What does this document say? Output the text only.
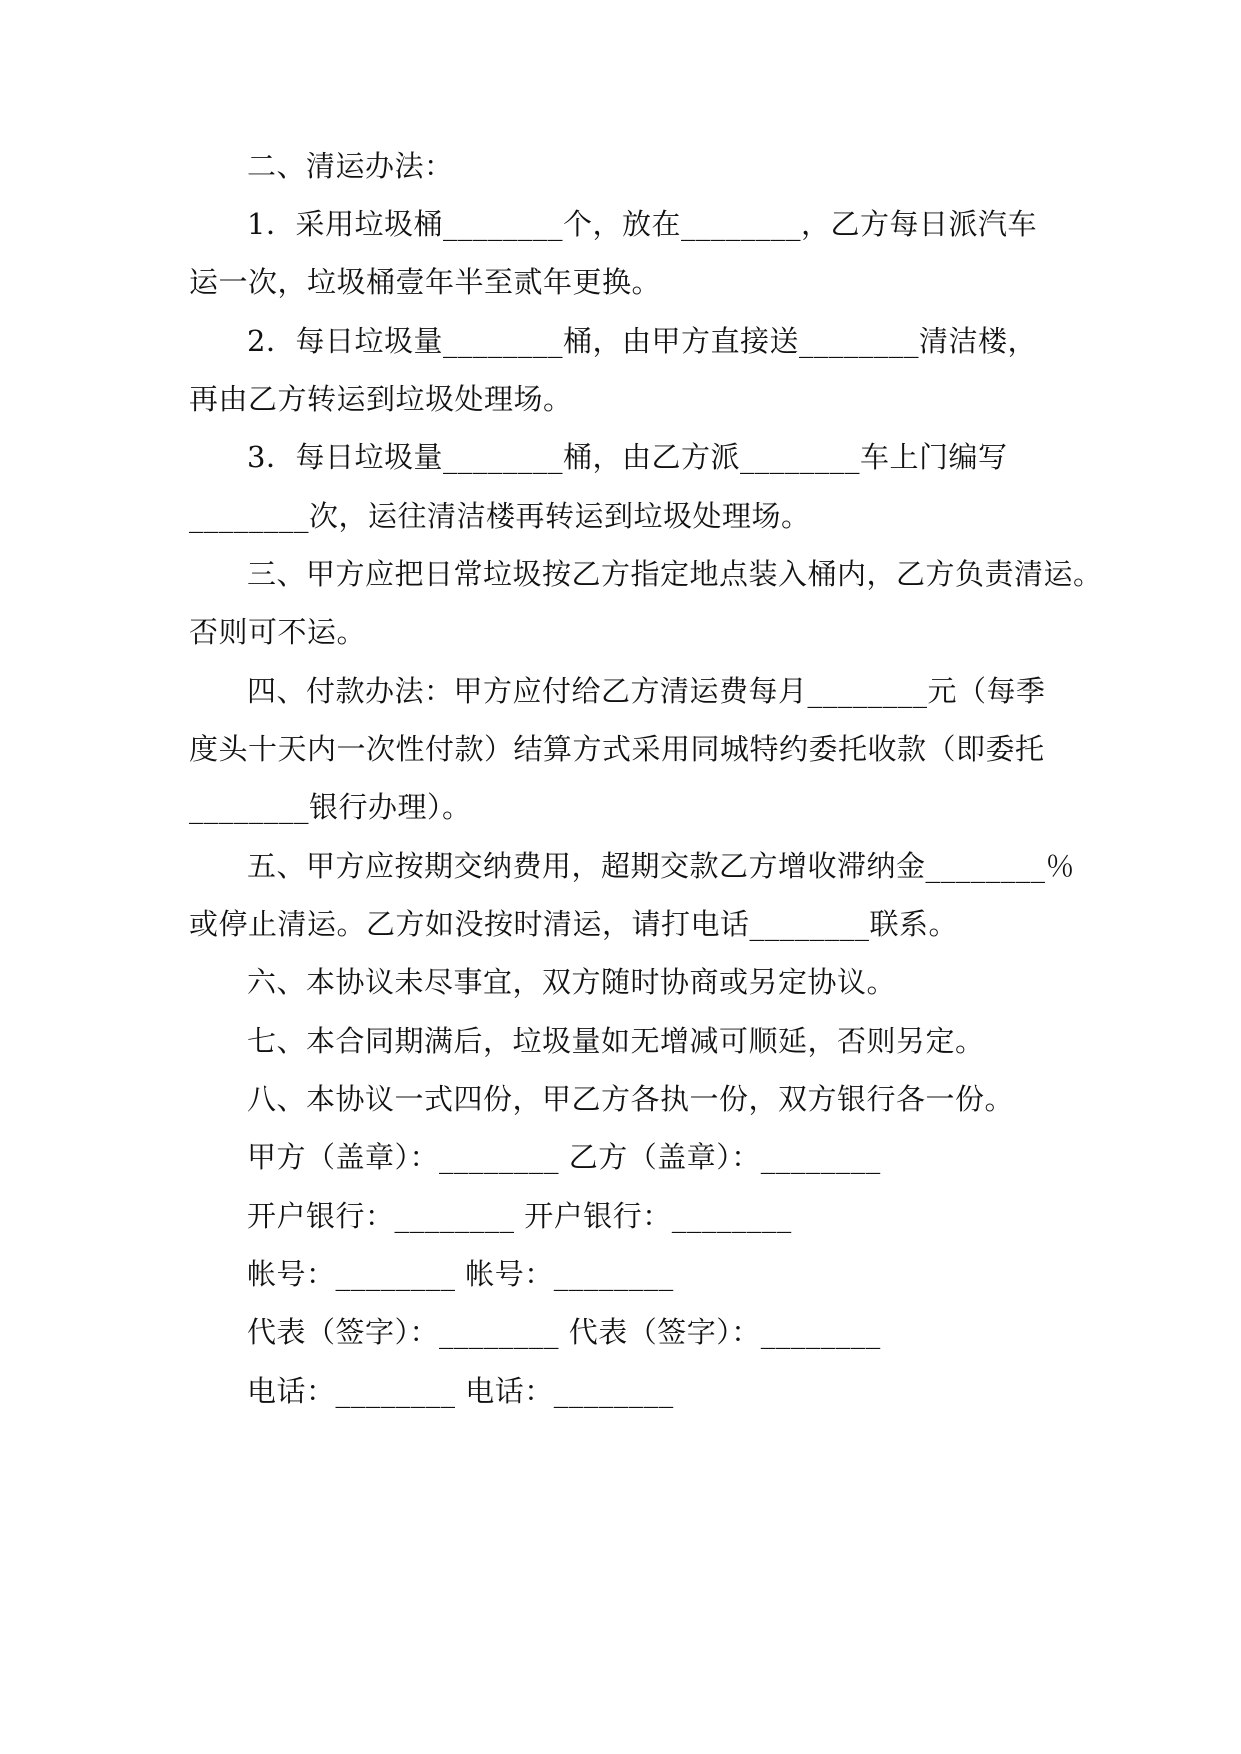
二、清运办法：
1．采用垃圾桶________个，放在________，乙方每日派汽车
运一次，垃圾桶壹年半至贰年更换。
2．每日垃圾量________桶，由甲方直接送________清洁楼，
再由乙方转运到垃圾处理场。
3．每日垃圾量________桶，由乙方派________车上门编写
________次，运往清洁楼再转运到垃圾处理场。
三、甲方应把日常垃圾按乙方指定地点装入桶内，乙方负责清运。
否则可不运。
四、付款办法：甲方应付给乙方清运费每月________元（每季
度头十天内一次性付款）结算方式采用同城特约委托收款（即委托
________银行办理）。
五、甲方应按期交纳费用，超期交款乙方增收滞纳金________％
或停止清运。乙方如没按时清运，请打电话________联系。
六、本协议未尽事宜，双方随时协商或另定协议。
七、本合同期满后，垃圾量如无增减可顺延，否则另定。
八、本协议一式四份，甲乙方各执一份，双方银行各一份。
甲方（盖章）：________ 乙方（盖章）：________
开户银行：________ 开户银行：________
帐号：________ 帐号：________
代表（签字）：________ 代表（签字）：________
电话：________ 电话：________
